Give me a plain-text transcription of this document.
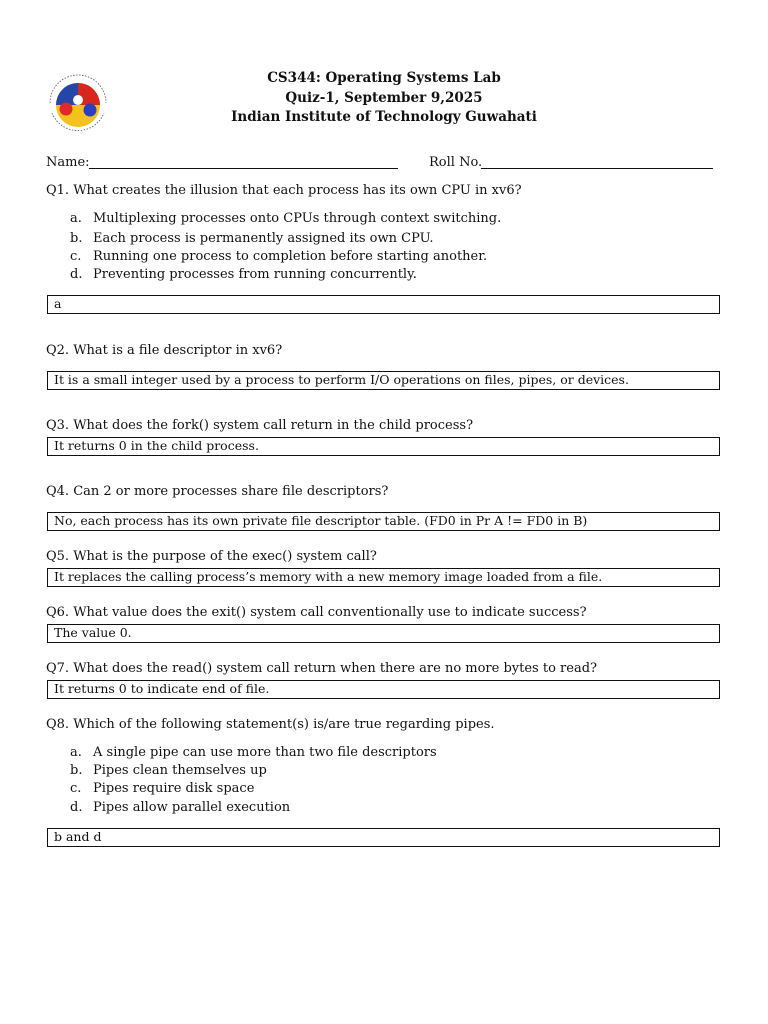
CS344: Operating Systems Lab
Quiz-1, September 9,2025
Indian Institute of Technology Guwahati
Name:	Roll No.
Q1. What creates the illusion that each process has its own CPU in xv6?
a. Multiplexing processes onto CPUs through context switching.
b. Each process is permanently assigned its own CPU.
c. Running one process to completion before starting another.
d. Preventing processes from running concurrently.
a
Q2. What is a file descriptor in xv6?
It is a small integer used by a process to perform I/O operations on files, pipes, or devices.
Q3. What does the fork() system call return in the child process?
It returns 0 in the child process.
Q4. Can 2 or more processes share file descriptors?
No, each process has its own private file descriptor table. (FD0 in Pr A != FD0 in B)
Q5. What is the purpose of the exec() system call?
It replaces the calling process’s memory with a new memory image loaded from a file.
Q6. What value does the exit() system call conventionally use to indicate success?
The value 0.
Q7. What does the read() system call return when there are no more bytes to read?
It returns 0 to indicate end of file.
Q8. Which of the following statement(s) is/are true regarding pipes.
a. A single pipe can use more than two file descriptors
b. Pipes clean themselves up
c. Pipes require disk space
d. Pipes allow parallel execution
b and d
